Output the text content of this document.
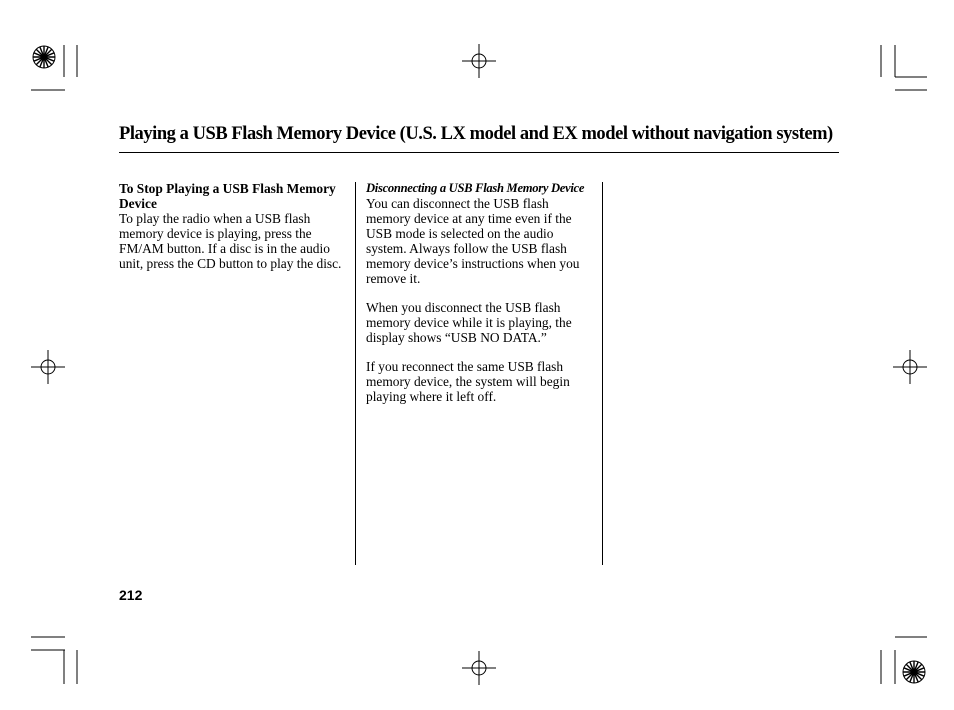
Playing a USB Flash Memory Device (U.S. LX model and EX model without navigation system)
To Stop Playing a USB Flash Memory Device

To play the radio when a USB flash memory device is playing, press the FM/AM button. If a disc is in the audio unit, press the CD button to play the disc.

Disconnecting a USB Flash Memory Device

You can disconnect the USB flash memory device at any time even if the USB mode is selected on the audio system. Always follow the USB flash memory device’s instructions when you remove it.

When you disconnect the USB flash memory device while it is playing, the display shows “USB NO DATA.”

If you reconnect the same USB flash memory device, the system will begin playing where it left off.

212
